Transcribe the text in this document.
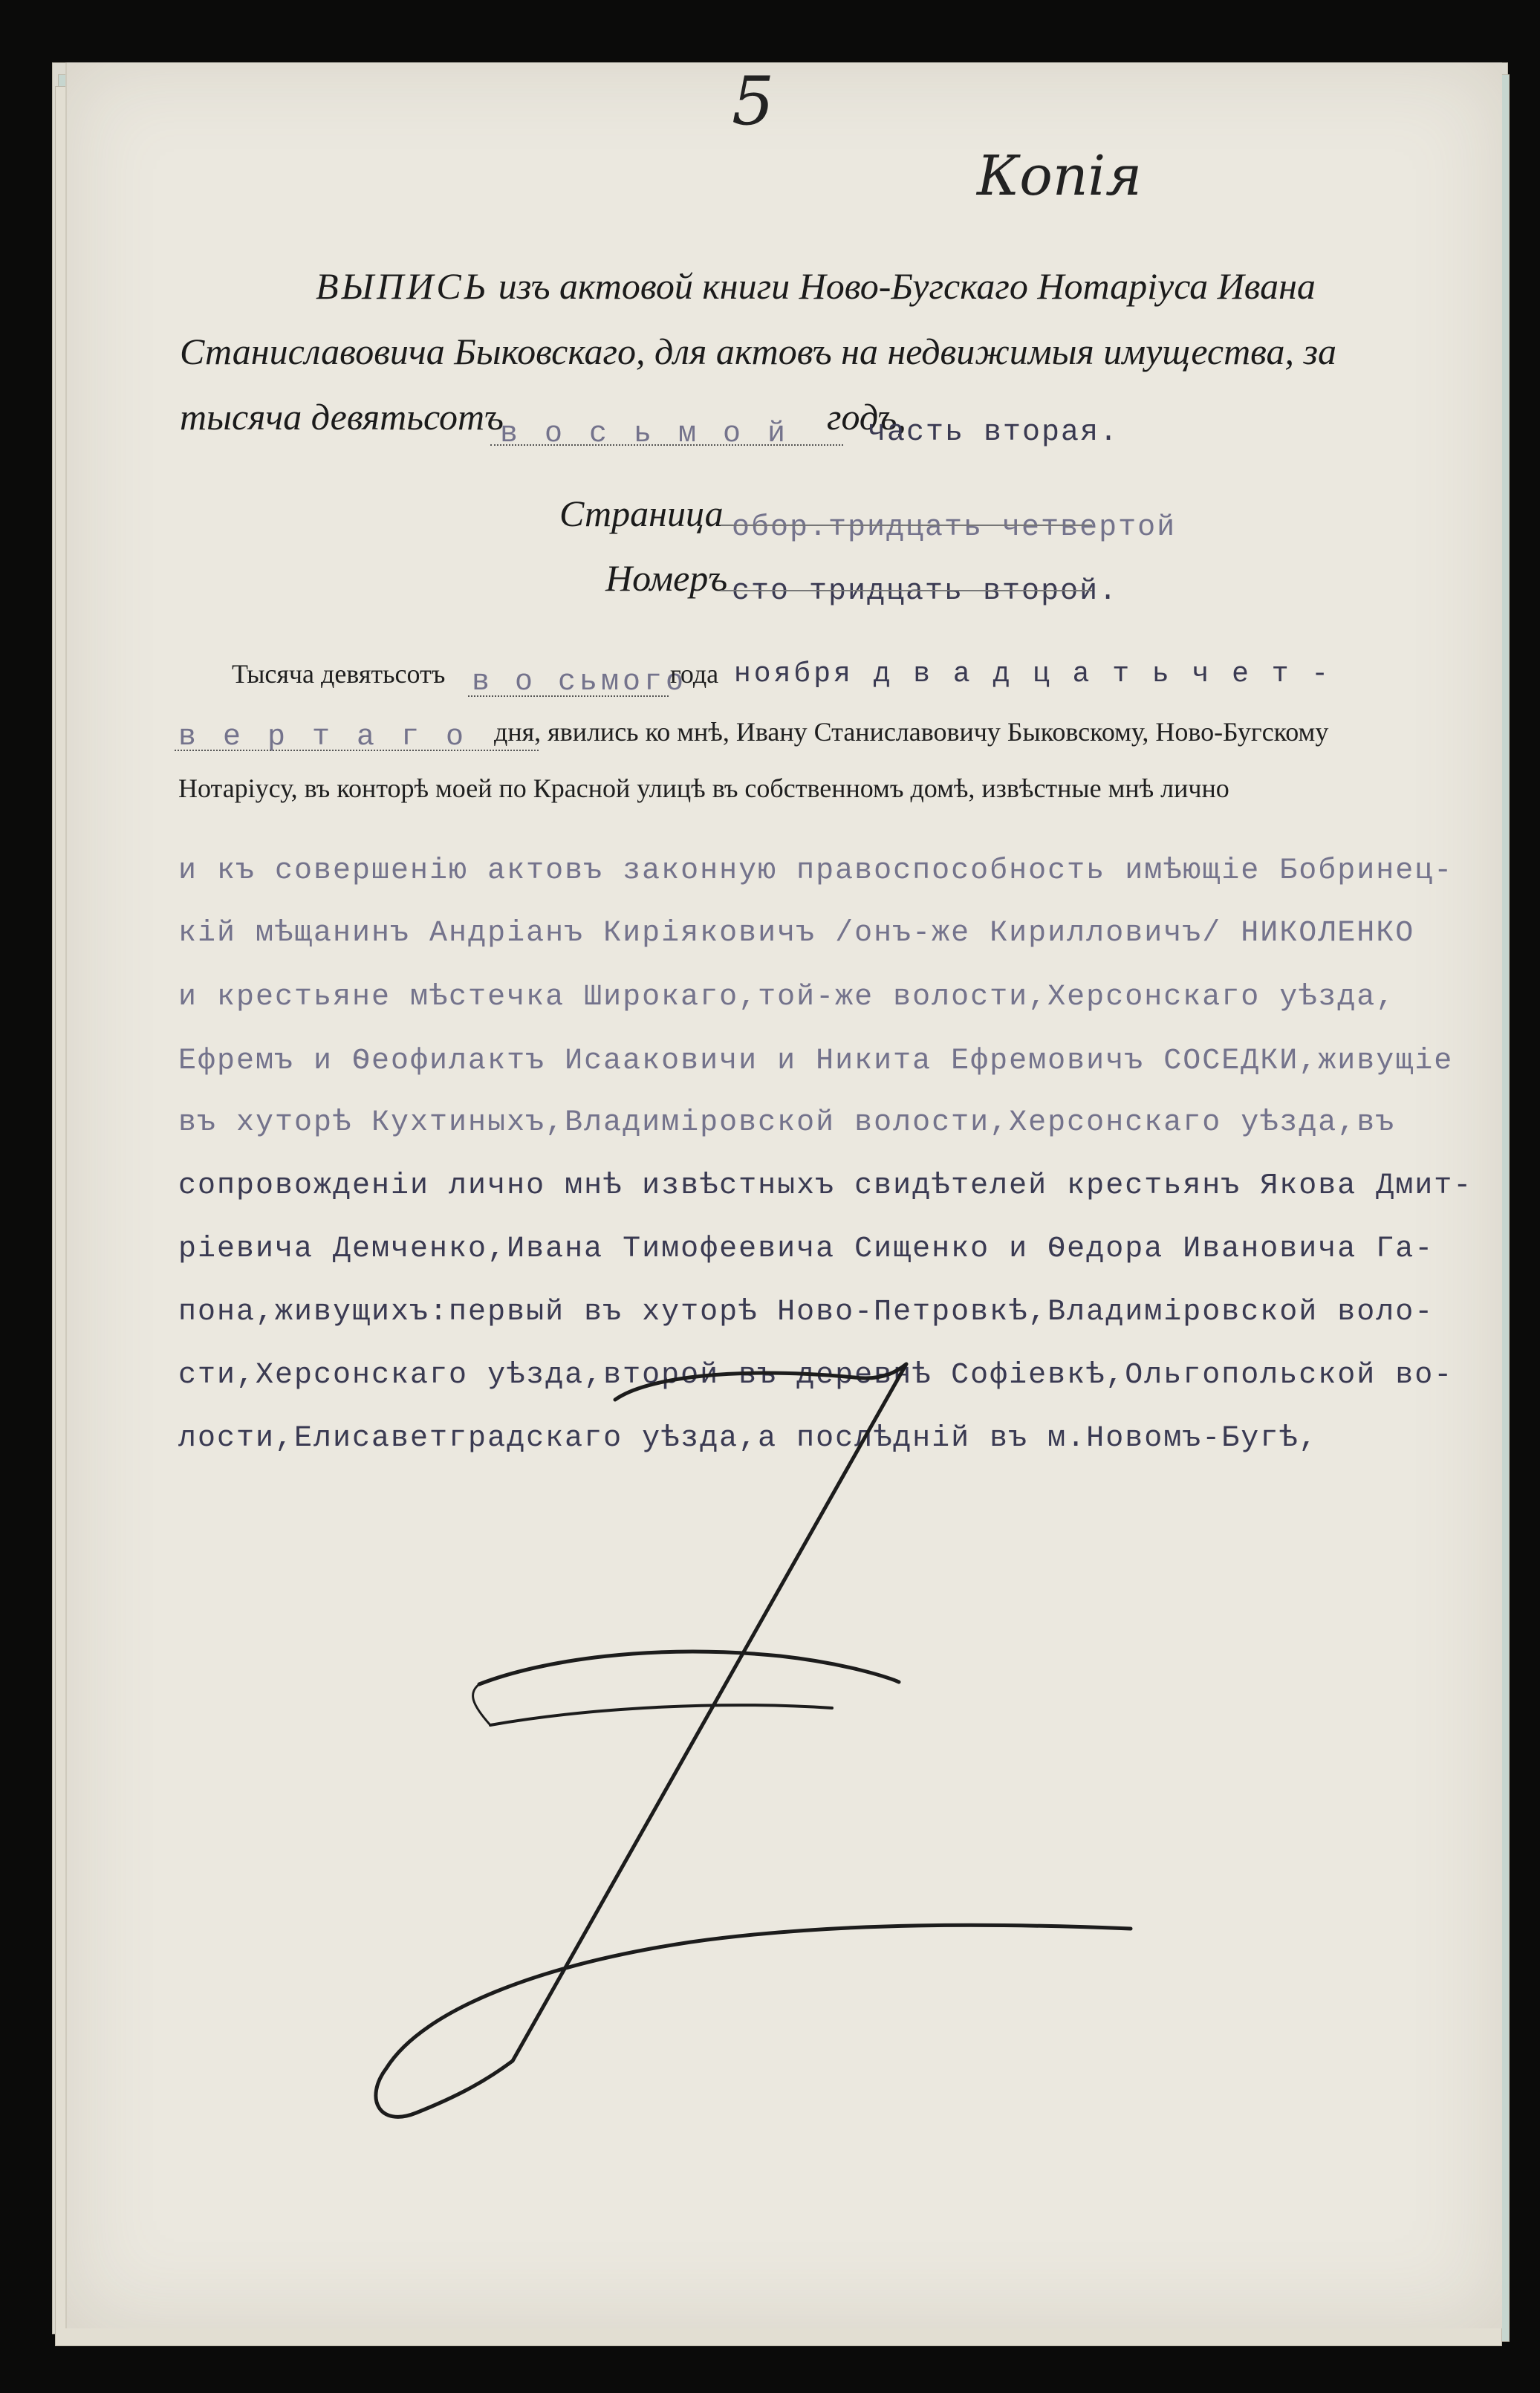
5
Копія
ВЫПИСЬ изъ актовой книги Ново-Бугскаго Нотаріуса Ивана
Станиславовича Быковскаго, для актовъ на недвижимыя имущества, за
тысяча девятьсотъ
в о с ь м о й годъ,
часть вторая.
Страница обор.тридцать четвертой
Номеръ сто тридцать второй.
Тысяча девятьсотъ в о сьмого
года ноября д в а д ц а т ь ч е т -
в е р т а г о дня, явились ко мнѣ, Ивану Станиславовичу Быковскому, Ново-Бугскому
Нотаріусу, въ конторѣ моей по Красной улицѣ въ собственномъ домѣ, извѣстные мнѣ лично
и къ совершенію актовъ законную правоспособность имѣющіе Бобринец-
кій мѣщанинъ Андріанъ Киріяковичъ /онъ-же Кирилловичъ/ НИКОЛЕНКО
и крестьяне мѣстечка Широкаго,той-же волости,Херсонскаго уѣзда,
Ефремъ и Ѳеофилактъ Исааковичи и Никита Ефремовичъ СОСЕДКИ,живущіе
въ хуторѣ Кухтиныхъ,Владиміровской волости,Херсонскаго уѣзда,въ
сопровожденіи лично мнѣ извѣстныхъ свидѣтелей крестьянъ Якова Дмит-
ріевича Демченко,Ивана Тимофеевича Сищенко и Ѳедора Ивановича Га-
пона,живущихъ:первый въ хуторѣ Ново-Петровкѣ,Владиміровской воло-
сти,Херсонскаго уѣзда,второй въ деревнѣ Софіевкѣ,Ольгопольской во-
лости,Елисаветградскаго уѣзда,а послѣдній въ м.Новомъ-Бугѣ,
